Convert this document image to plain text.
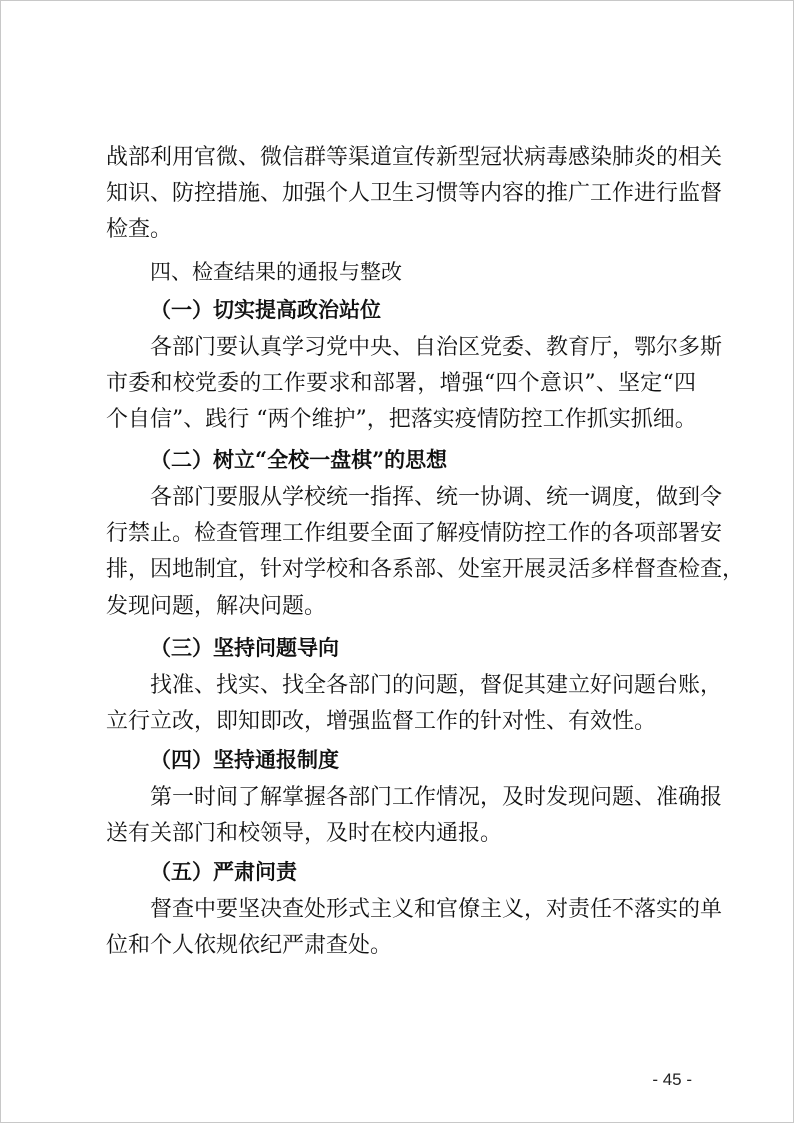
战部利用官微、微信群等渠道宣传新型冠状病毒感染肺炎的相关
知识、防控措施、加强个人卫生习惯等内容的推广工作进行监督
检查。
四、检查结果的通报与整改
（一）切实提高政治站位
各部门要认真学习党中央、自治区党委、教育厅，鄂尔多斯
市委和校党委的工作要求和部署，增强“四个意识”、坚定“四
个自信”、践行 “两个维护”，把落实疫情防控工作抓实抓细。
（二）树立“全校一盘棋”的思想
各部门要服从学校统一指挥、统一协调、统一调度，做到令
行禁止。检查管理工作组要全面了解疫情防控工作的各项部署安
排，因地制宜，针对学校和各系部、处室开展灵活多样督查检查，
发现问题，解决问题。
（三）坚持问题导向
找准、找实、找全各部门的问题，督促其建立好问题台账，
立行立改，即知即改，增强监督工作的针对性、有效性。
（四）坚持通报制度
第一时间了解掌握各部门工作情况，及时发现问题、准确报
送有关部门和校领导，及时在校内通报。
（五）严肃问责
督查中要坚决查处形式主义和官僚主义，对责任不落实的单
位和个人依规依纪严肃查处。
- 45 -
